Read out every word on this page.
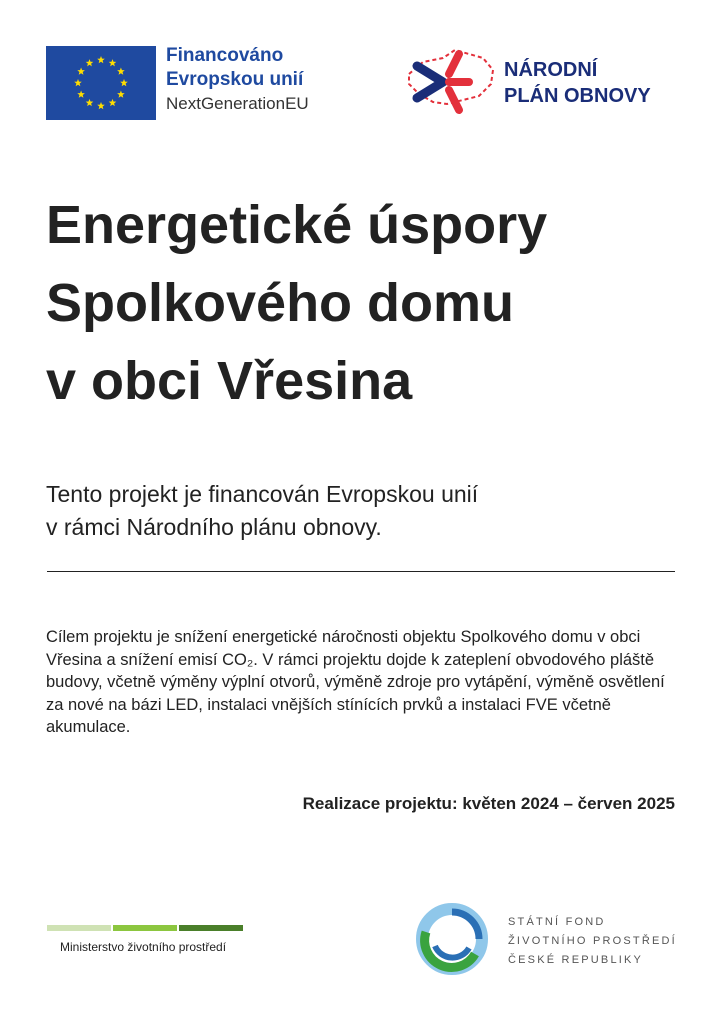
Financováno
Evropskou unií
NextGenerationEU
NÁRODNÍ
PLÁN OBNOVY
Energetické úspory
Spolkového domu
v obci Vřesina
Tento projekt je financován Evropskou unií
v rámci Národního plánu obnovy.

Cílem projektu je snížení energetické náročnosti objektu Spolkového domu v obci Vřesina a snížení emisí CO₂. V rámci projektu dojde k zateplení obvodového pláště budovy, včetně výměny výplní otvorů, výměně zdroje pro vytápění, výměně osvětlení za nové na bázi LED, instalaci vnějších stínících prvků a instalaci FVE včetně akumulace.

Realizace projektu: květen 2024 – červen 2025
Ministerstvo životního prostředí
STÁTNÍ FOND
ŽIVOTNÍHO PROSTŘEDÍ
ČESKÉ REPUBLIKY
